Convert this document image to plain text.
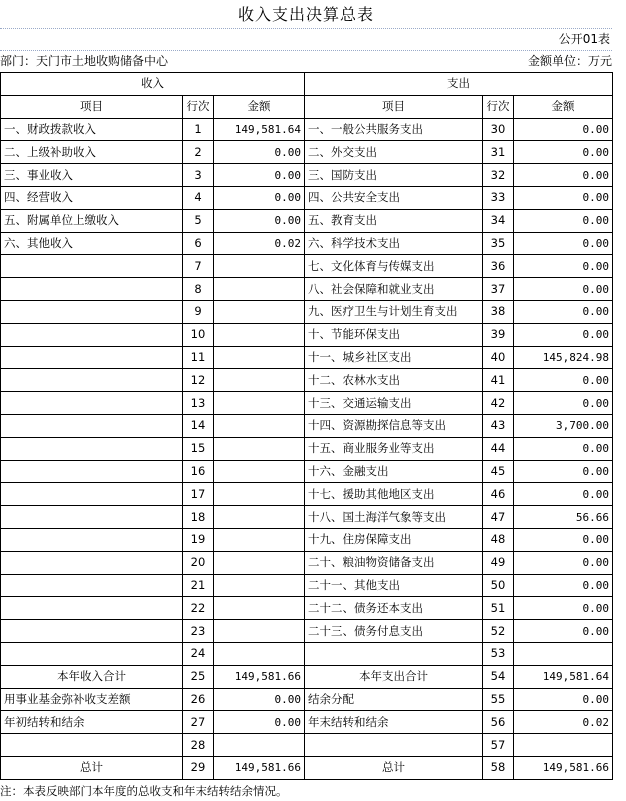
收入支出决算总表
公开01表
部门：天门市土地收购储备中心	金额单位：万元
收入			支出		
项目	行次	金额	项目	行次	金额
一、财政拨款收入	1	149,581.64	一、一般公共服务支出	30	0.00
二、上级补助收入	2	0.00	二、外交支出	31	0.00
三、事业收入	3	0.00	三、国防支出	32	0.00
四、经营收入	4	0.00	四、公共安全支出	33	0.00
五、附属单位上缴收入	5	0.00	五、教育支出	34	0.00
六、其他收入	6	0.02	六、科学技术支出	35	0.00
	7		七、文化体育与传媒支出	36	0.00
	8		八、社会保障和就业支出	37	0.00
	9		九、医疗卫生与计划生育支出	38	0.00
	10		十、节能环保支出	39	0.00
	11		十一、城乡社区支出	40	145,824.98
	12		十二、农林水支出	41	0.00
	13		十三、交通运输支出	42	0.00
	14		十四、资源勘探信息等支出	43	3,700.00
	15		十五、商业服务业等支出	44	0.00
	16		十六、金融支出	45	0.00
	17		十七、援助其他地区支出	46	0.00
	18		十八、国土海洋气象等支出	47	56.66
	19		十九、住房保障支出	48	0.00
	20		二十、粮油物资储备支出	49	0.00
	21		二十一、其他支出	50	0.00
	22		二十二、债务还本支出	51	0.00
	23		二十三、债务付息支出	52	0.00
	24			53	
本年收入合计	25	149,581.66	本年支出合计	54	149,581.64
用事业基金弥补收支差额	26	0.00	结余分配	55	0.00
年初结转和结余	27	0.00	年末结转和结余	56	0.02
	28			57	
总计	29	149,581.66	总计	58	149,581.66
注：本表反映部门本年度的总收支和年末结转结余情况。
